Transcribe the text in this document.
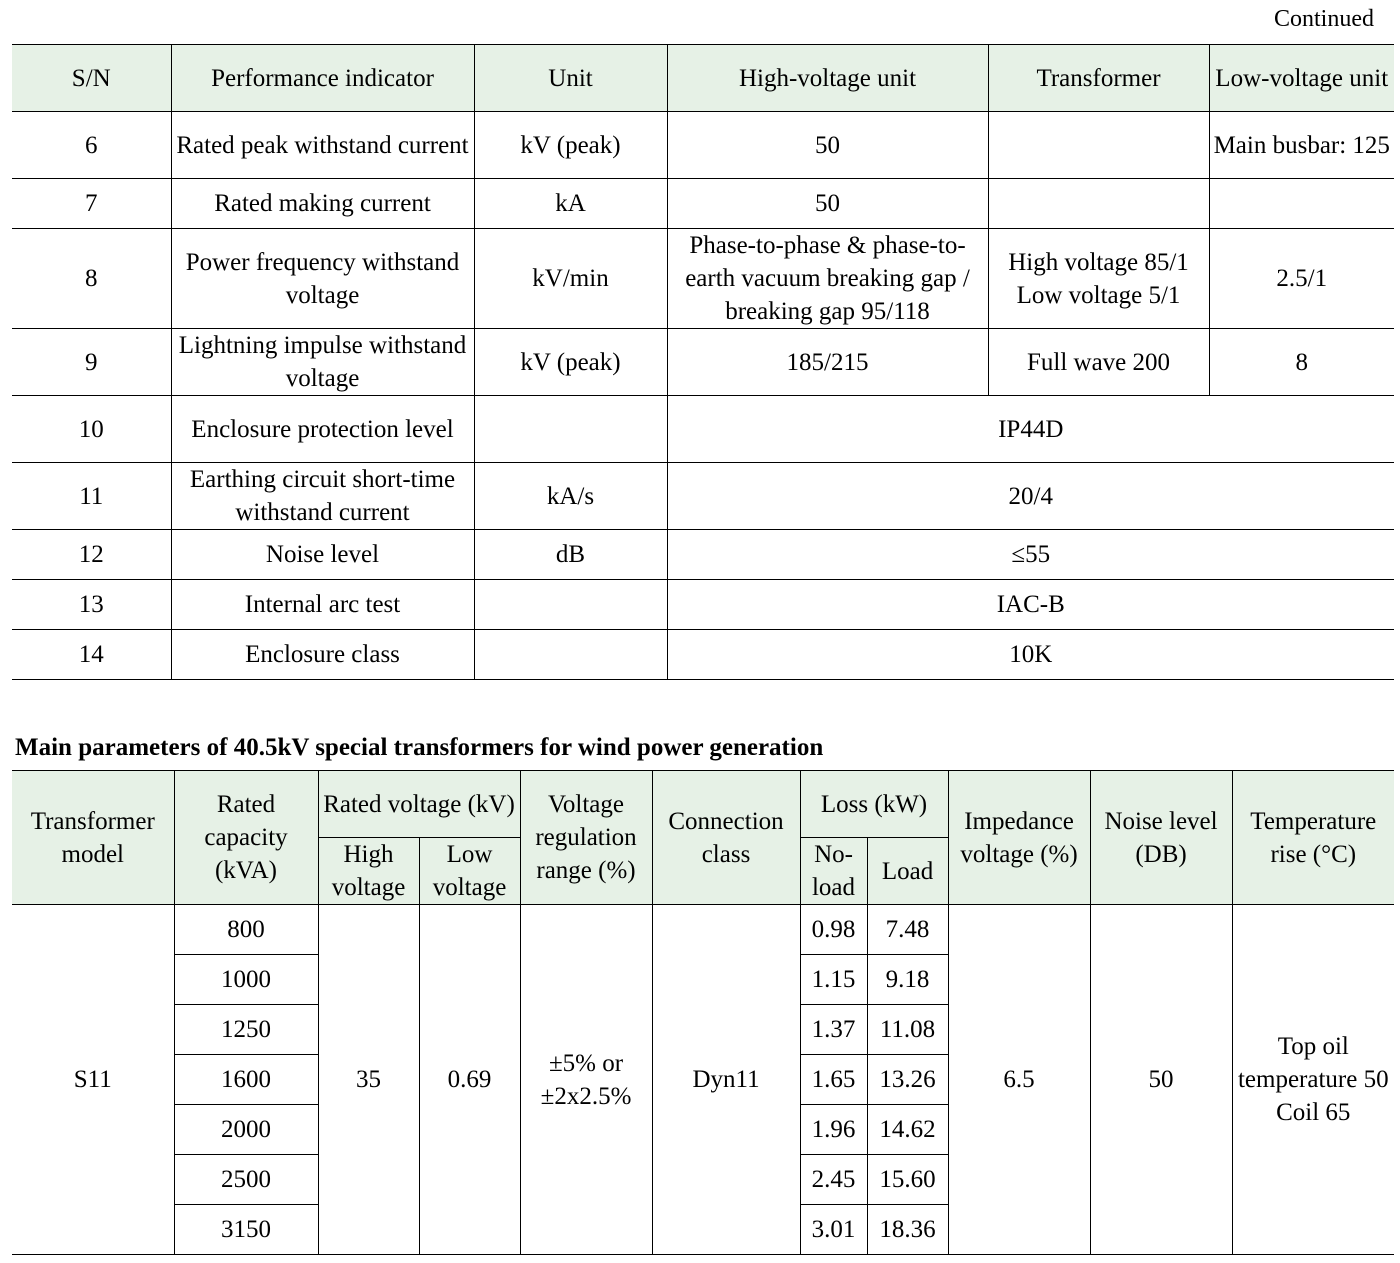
Continued
S/N	Performance indicator	Unit	High-voltage unit	Transformer	Low-voltage unit
6	Rated peak withstand current	kV (peak)	50		Main busbar: 125
7	Rated making current	kA	50		
8	Power frequency withstand voltage	kV/min	Phase-to-phase & phase-to-earth vacuum breaking gap / breaking gap 95/118	High voltage 85/1 Low voltage 5/1	2.5/1
9	Lightning impulse withstand voltage	kV (peak)	185/215	Full wave 200	8
10	Enclosure protection level		IP44D		
11	Earthing circuit short-time withstand current	kA/s	20/4		
12	Noise level	dB	≤55		
13	Internal arc test		IAC-B		
14	Enclosure class		10K		
Main parameters of 40.5kV special transformers for wind power generation
Transformer model	Rated capacity (kVA)	Rated voltage (kV)		Voltage regulation range (%)	Connection class	Loss (kW)		Impedance voltage (%)	Noise level (DB)	Temperature rise (°C)
		High voltage	Low voltage			No-load	Load			
S11	800	35	0.69	±5% or ±2x2.5%	Dyn11	0.98	7.48	6.5	50	Top oil temperature 50
Coil 65

	1000					1.15	9.18			
	1250					1.37	11.08			
	1600					1.65	13.26			
	2000					1.96	14.62			
	2500					2.45	15.60			
	3150					3.01	18.36			
